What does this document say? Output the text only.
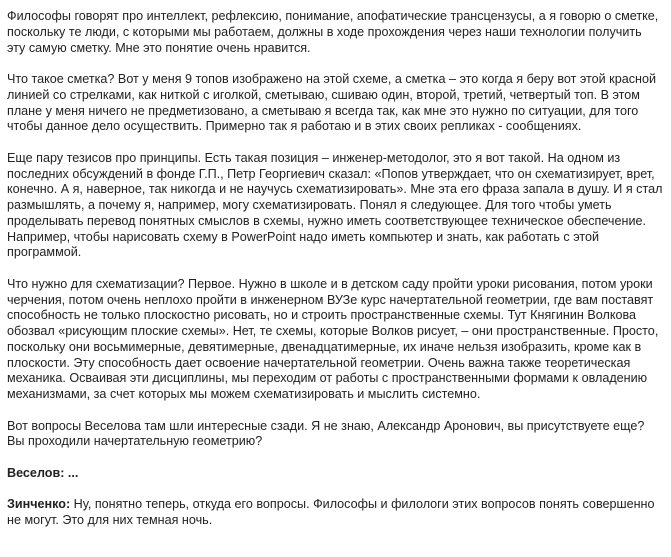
Философы говорят про интеллект, рефлексию, понимание, апофатические трансцензусы, а я говорю о сметке, поскольку те люди, с которыми мы работаем, должны в ходе прохождения через наши технологии получить эту самую сметку. Мне это понятие очень нравится.

Что такое сметка? Вот у меня 9 топов изображено на этой схеме, а сметка – это когда я беру вот этой красной линией со стрелками, как ниткой с иголкой, сметываю, сшиваю один, второй, третий, четвертый топ. В этом плане у меня ничего не предметизовано, а сметываю я всегда так, как мне это нужно по ситуации, для того чтобы данное дело осуществить. Примерно так я работаю и в этих своих репликах - сообщениях.

Еще пару тезисов про принципы. Есть такая позиция – инженер-методолог, это я вот такой. На одном из последних обсуждений в фонде Г.П., Петр Георгиевич сказал: «Попов утверждает, что он схематизирует, врет, конечно. А я, наверное, так никогда и не научусь схематизировать». Мне эта его фраза запала в душу. И я стал размышлять, а почему я, например, могу схематизировать. Понял я следующее. Для того чтобы уметь проделывать перевод понятных смыслов в схемы, нужно иметь соответствующее техническое обеспечение. Например, чтобы нарисовать схему в PowerPoint надо иметь компьютер и знать, как работать с этой программой.

Что нужно для схематизации? Первое. Нужно в школе и в детском саду пройти уроки рисования, потом уроки черчения, потом очень неплохо пройти в инженерном ВУЗе курс начертательной геометрии, где вам поставят способность не только плоскостно рисовать, но и строить пространственные схемы. Тут Княгинин Волкова обозвал «рисующим плоские схемы». Нет, те схемы, которые Волков рисует, – они пространственные. Просто, поскольку они восьмимерные, девятимерные, двенадцатимерные, их иначе нельзя изобразить, кроме как в плоскости. Эту способность дает освоение начертательной геометрии. Очень важна также теоретическая механика. Осваивая эти дисциплины, мы переходим от работы с пространственными формами к овладению механизмами, за счет которых мы можем схематизировать и мыслить системно.

Вот вопросы Веселова там шли интересные сзади. Я не знаю, Александр Аронович, вы присутствуете еще? Вы проходили начертательную геометрию?

Веселов: ...

Зинченко: Ну, понятно теперь, откуда его вопросы. Философы и филологи этих вопросов понять совершенно не могут. Это для них темная ночь.
